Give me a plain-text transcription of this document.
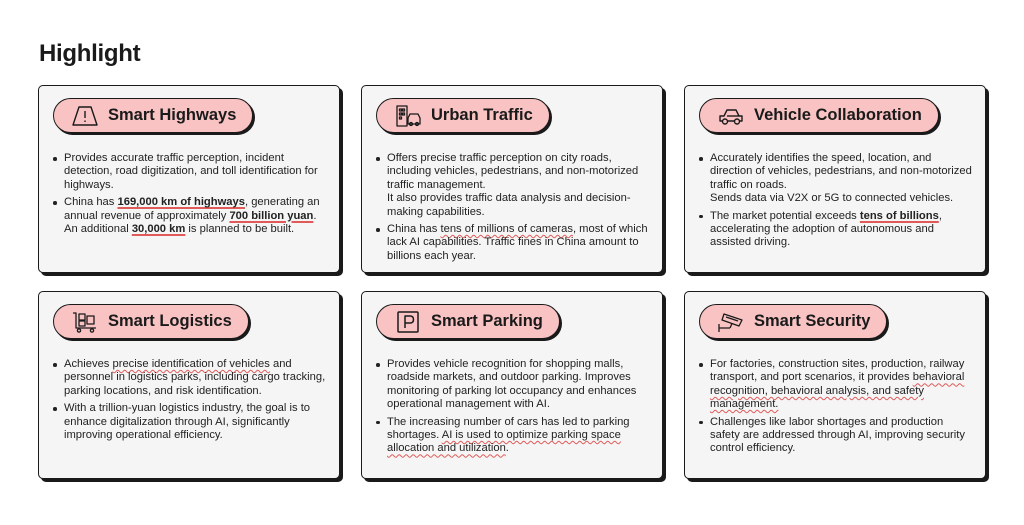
Highlight
Smart Highways
Provides accurate traffic perception, incident detection, road digitization, and toll identification for highways.
China has 169,000 km of highways, generating an annual revenue of approximately 700 billion yuan. An additional 30,000 km is planned to be built.
Urban Traffic
Offers precise traffic perception on city roads, including vehicles, pedestrians, and non-motorized traffic management.
It also provides traffic data analysis and decision-making capabilities.
China has tens of millions of cameras, most of which lack AI capabilities. Traffic fines in China amount to billions each year.
Vehicle Collaboration
Accurately identifies the speed, location, and direction of vehicles, pedestrians, and non-motorized traffic on roads.
Sends data via V2X or 5G to connected vehicles.
The market potential exceeds tens of billions, accelerating the adoption of autonomous and assisted driving.
Smart Logistics
Achieves precise identification of vehicles and personnel in logistics parks, including cargo tracking, parking locations, and risk identification.
With a trillion-yuan logistics industry, the goal is to enhance digitalization through AI, significantly improving operational efficiency.
Smart Parking
Provides vehicle recognition for shopping malls, roadside markets, and outdoor parking. Improves monitoring of parking lot occupancy and enhances operational management with AI.
The increasing number of cars has led to parking shortages. AI is used to optimize parking space allocation and utilization.
Smart Security
For factories, construction sites, production, railway transport, and port scenarios, it provides behavioral recognition, behavioral analysis, and safety management.
Challenges like labor shortages and production safety are addressed through AI, improving security control efficiency.
